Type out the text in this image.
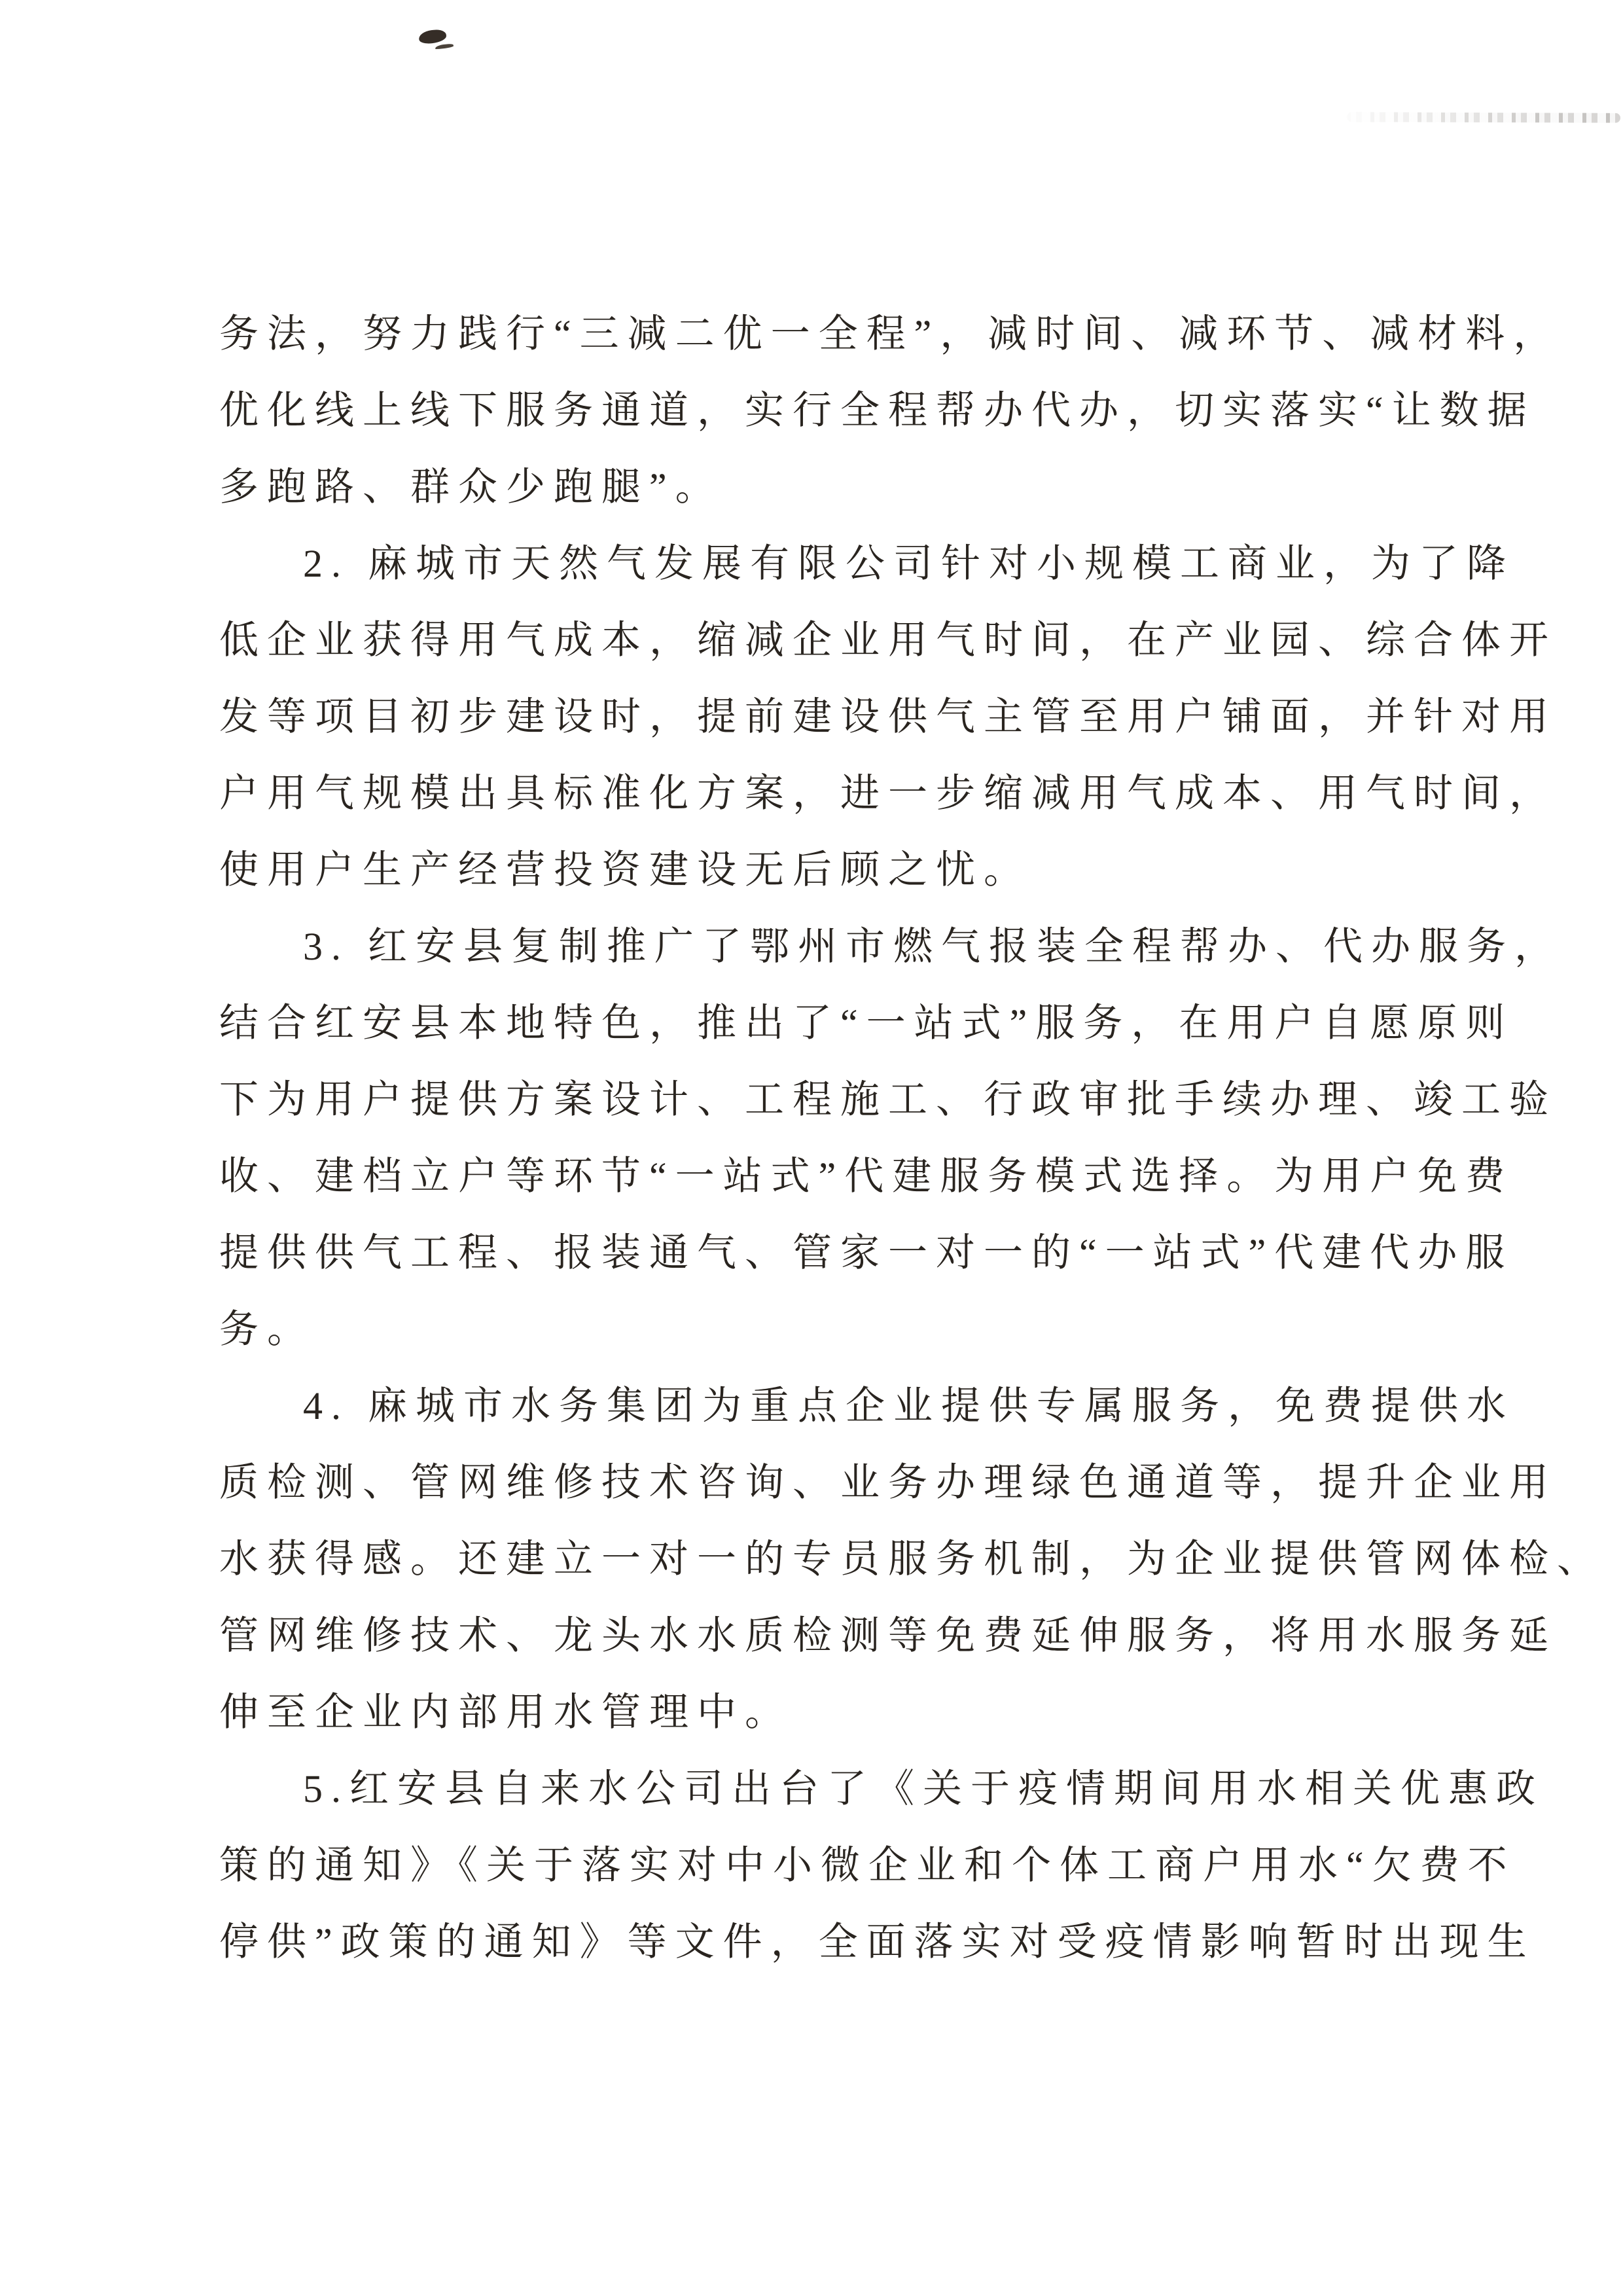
务法，努力践行“三减二优一全程”，减时间、减环节、减材料，
优化线上线下服务通道，实行全程帮办代办，切实落实“让数据
多跑路、群众少跑腿”。
2. 麻城市天然气发展有限公司针对小规模工商业，为了降
低企业获得用气成本，缩减企业用气时间，在产业园、综合体开
发等项目初步建设时，提前建设供气主管至用户铺面，并针对用
户用气规模出具标准化方案，进一步缩减用气成本、用气时间，
使用户生产经营投资建设无后顾之忧。
3. 红安县复制推广了鄂州市燃气报装全程帮办、代办服务，
结合红安县本地特色，推出了“一站式”服务，在用户自愿原则
下为用户提供方案设计、工程施工、行政审批手续办理、竣工验
收、建档立户等环节“一站式”代建服务模式选择。为用户免费
提供供气工程、报装通气、管家一对一的“一站式”代建代办服
务。
4. 麻城市水务集团为重点企业提供专属服务，免费提供水
质检测、管网维修技术咨询、业务办理绿色通道等，提升企业用
水获得感。还建立一对一的专员服务机制，为企业提供管网体检、
管网维修技术、龙头水水质检测等免费延伸服务，将用水服务延
伸至企业内部用水管理中。
5.红安县自来水公司出台了《关于疫情期间用水相关优惠政
策的通知》《关于落实对中小微企业和个体工商户用水“欠费不
停供”政策的通知》等文件，全面落实对受疫情影响暂时出现生
